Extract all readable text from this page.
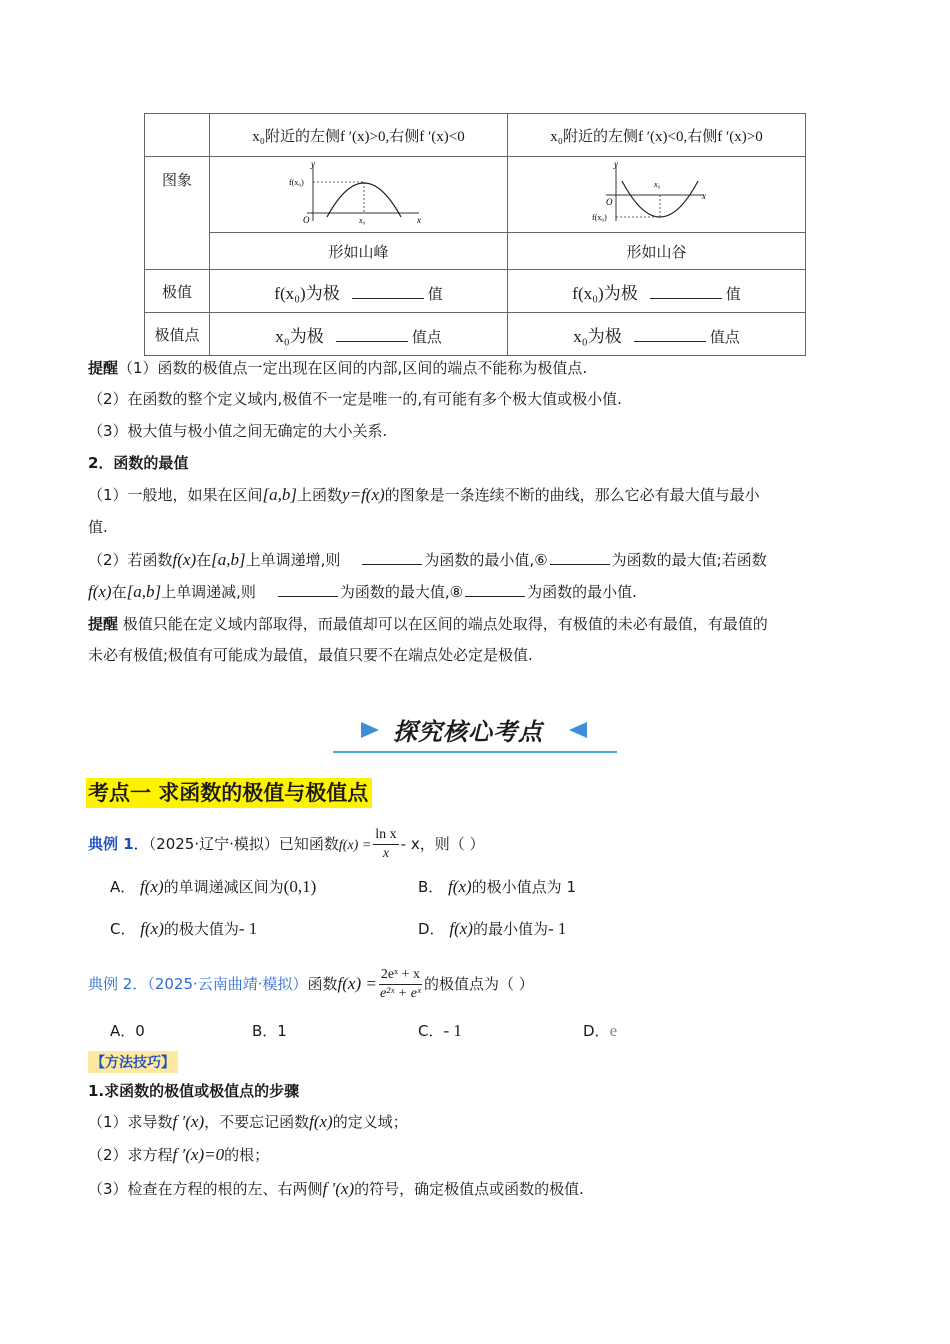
	x₀附近的左侧f ′(x)>0,右侧f ′(x)<0	x₀附近的左侧f ′(x)<0,右侧f ′(x)>0
图象	y
x
O
f(x₀)
x₀	y
x
O
f(x₀)
x₀

	形如山峰	形如山谷
极值	f(x₀)为极 值	f(x₀)为极 值
极值点	x₀为极 值点	x₀为极 值点
提醒（1）函数的极值点一定出现在区间的内部,区间的端点不能称为极值点.
（2）在函数的整个定义域内,极值不一定是唯一的,有可能有多个极大值或极小值.
（3）极大值与极小值之间无确定的大小关系.
2．函数的最值
（1）一般地，如果在区间[a,b]上函数y=f(x)的图象是一条连续不断的曲线，那么它必有最大值与最小
值.
（2）若函数f(x)在[a,b]上单调递增,则	为函数的最小值,⑥	为函数的最大值;若函数
f(x)在[a,b]上单调递减,则	为函数的最大值,⑧	为函数的最小值.
提醒 极值只能在定义域内部取得，而最值却可以在区间的端点处取得，有极值的未必有最值，有最值的
未必有极值;极值有可能成为最值，最值只要不在端点处必定是极值.
探究核心考点
考点一 求函数的极值与极值点
典例 1．（2025·辽宁·模拟）已知函数$f(x) = \frac{\text{ln x}}{x} - x$，则（ ）
A． f(x)的单调递减区间为(0,1)	B． f(x)的极小值点为 1
C． f(x)的极大值为- 1	D． f(x)的最小值为- 1
典例 2．（2025·云南曲靖·模拟）函数$f(x) = \frac{\text{2eˣ + x}}{\text{e²ˣ + eˣ}}$ 的极值点为（ ）
A．0	B．1	C．- 1	D．e
【方法技巧】
1.求函数的极值或极值点的步骤
（1）求导数f ′(x)，不要忘记函数f(x)的定义域；
（2）求方程f ′(x)=0的根；
（3）检查在方程的根的左、右两侧f ′(x)的符号，确定极值点或函数的极值.
